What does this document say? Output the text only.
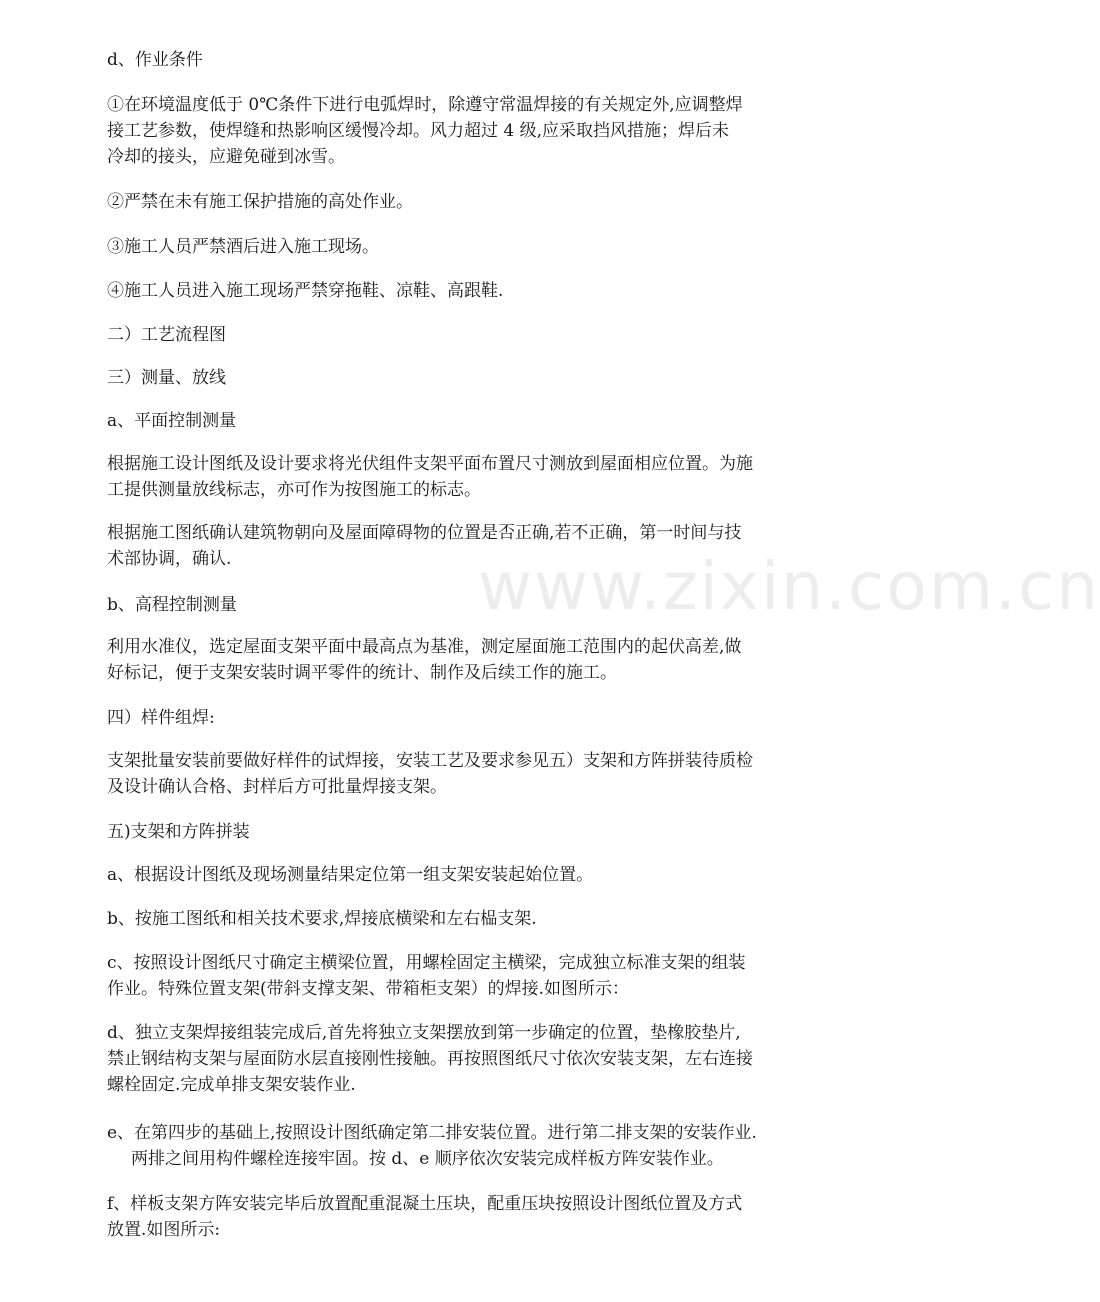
www.zixin.com.cn
d、作业条件
①在环境温度低于 0℃条件下进行电弧焊时，除遵守常温焊接的有关规定外,应调整焊
接工艺参数，使焊缝和热影响区缓慢冷却。风力超过 4 级,应采取挡风措施；焊后未
冷却的接头，应避免碰到冰雪。
②严禁在未有施工保护措施的高处作业。
③施工人员严禁酒后进入施工现场。
④施工人员进入施工现场严禁穿拖鞋、凉鞋、高跟鞋.
二）工艺流程图
三）测量、放线
a、平面控制测量
根据施工设计图纸及设计要求将光伏组件支架平面布置尺寸测放到屋面相应位置。为施
工提供测量放线标志，亦可作为按图施工的标志。
根据施工图纸确认建筑物朝向及屋面障碍物的位置是否正确,若不正确，第一时间与技
术部协调，确认.
b、高程控制测量
利用水准仪，选定屋面支架平面中最高点为基准，测定屋面施工范围内的起伏高差,做
好标记，便于支架安装时调平零件的统计、制作及后续工作的施工。
四）样件组焊:
支架批量安装前要做好样件的试焊接，安装工艺及要求参见五）支架和方阵拼装待质检
及设计确认合格、封样后方可批量焊接支架。
五)支架和方阵拼装
a、根据设计图纸及现场测量结果定位第一组支架安装起始位置。
b、按施工图纸和相关技术要求,焊接底横梁和左右榀支架.
c、按照设计图纸尺寸确定主横梁位置，用螺栓固定主横梁，完成独立标准支架的组装
作业。特殊位置支架(带斜支撑支架、带箱柜支架）的焊接.如图所示：
d、独立支架焊接组装完成后,首先将独立支架摆放到第一步确定的位置，垫橡胶垫片,
禁止钢结构支架与屋面防水层直接刚性接触。再按照图纸尺寸依次安装支架，左右连接
螺栓固定.完成单排支架安装作业.
e、在第四步的基础上,按照设计图纸确定第二排安装位置。进行第二排支架的安装作业.
两排之间用构件螺栓连接牢固。按 d、e 顺序依次安装完成样板方阵安装作业。
f、样板支架方阵安装完毕后放置配重混凝土压块，配重压块按照设计图纸位置及方式
放置.如图所示:
